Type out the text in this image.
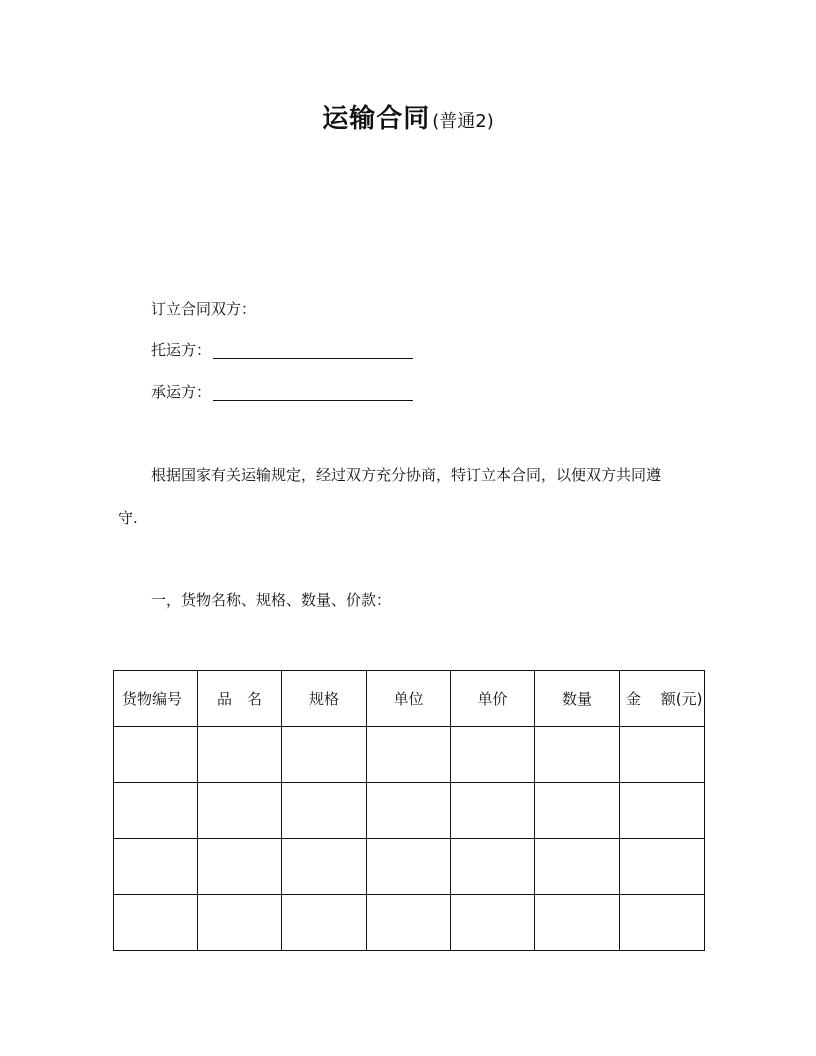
运输合同 (普通2)
订立合同双方：
托运方：
承运方：
根据国家有关运输规定，经过双方充分协商，特订立本合同，以便双方共同遵
守.
一，货物名称、规格、数量、价款：
货物编号	品　名	规格	单位	单价	数量	金　 额(元)
